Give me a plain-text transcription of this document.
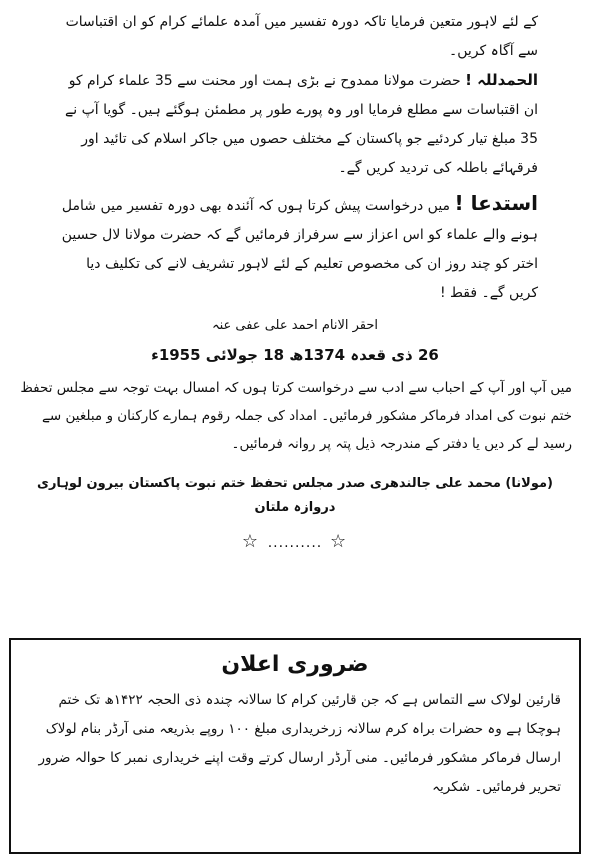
کے لئے لاہور متعین فرمایا تاکہ دورہ تفسیر میں آمدہ علمائے کرام کو ان اقتباسات سے آگاہ کریں۔

الحمدللہ ! حضرت مولانا ممدوح نے بڑی ہمت اور محنت سے 35 علماء کرام کو ان اقتباسات سے مطلع فرمایا اور وہ پورے طور پر مطمئن ہوگئے ہیں۔ گویا آپ نے 35 مبلغ تیار کردئیے جو پاکستان کے مختلف حصوں میں جاکر اسلام کی تائید اور فرقہائے باطلہ کی تردید کریں گے۔

استدعا ! میں درخواست پیش کرتا ہوں کہ آئندہ بھی دورہ تفسیر میں شامل ہونے والے علماء کو اس اعزاز سے سرفراز فرمائیں گے کہ حضرت مولانا لال حسین اختر کو چند روز ان کی مخصوص تعلیم کے لئے لاہور تشریف لانے کی تکلیف دیا کریں گے۔ فقط !

احقر الانام احمد علی عفی عنہ
26 ذی قعدہ 1374ھ 18 جولائی 1955ء

میں آپ اور آپ کے احباب سے ادب سے درخواست کرتا ہوں کہ امسال بہت توجہ سے مجلس تحفظ ختم نبوت کی امداد فرماکر مشکور فرمائیں۔ امداد کی جملہ رقوم ہمارے کارکنان و مبلغین سے رسید لے کر دیں یا دفتر کے مندرجہ ذیل پتہ پر روانہ فرمائیں۔

(مولانا) محمد علی جالندھری صدر مجلس تحفظ ختم نبوت پاکستان بیرون لوہاری دروازہ ملتان
☆ .......... ☆
ضروری اعلان

قارئین لولاک سے التماس ہے کہ جن قارئین کرام کا سالانہ چندہ ذی الحجہ ۱۴۲۲ھ تک ختم ہوچکا ہے وہ حضرات براہ کرم سالانہ زرخریداری مبلغ ۱۰۰ روپے بذریعہ منی آرڈر بنام لولاک ارسال فرماکر مشکور فرمائیں۔ منی آرڈر ارسال کرتے وقت اپنے خریداری نمبر کا حوالہ ضرور تحریر فرمائیں۔ شکریہ
